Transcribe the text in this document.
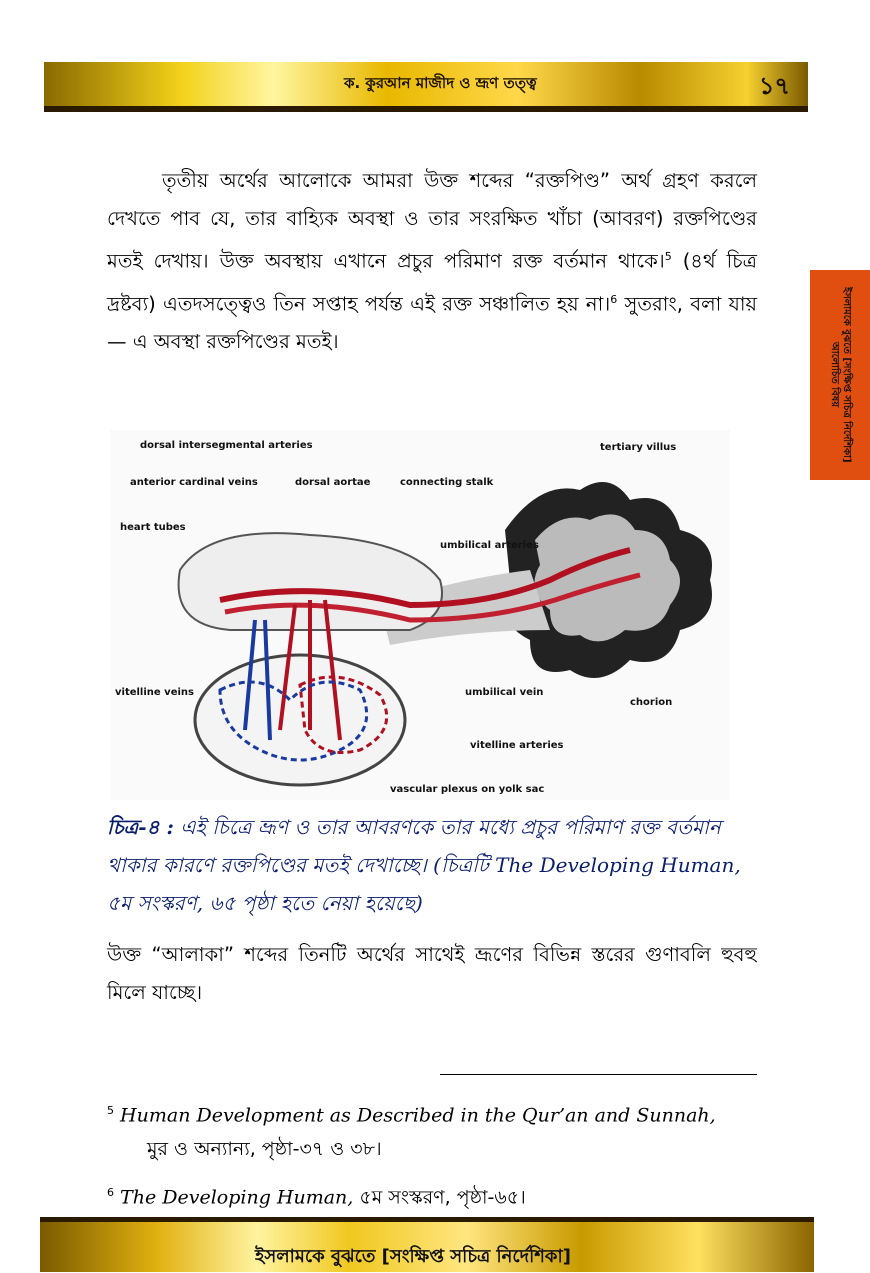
ক. কুরআন মাজীদ ও ভ্রূণ তত্ত্ব	১৭
ইসলামকে বুঝতে [সংক্ষিপ্ত সচিত্র নির্দেশিকা] আলোচিত বিষয়
তৃতীয় অর্থের আলোকে আমরা উক্ত শব্দের “রক্তপিণ্ড” অর্থ গ্রহণ করলে দেখতে পাব যে, তার বাহ্যিক অবস্থা ও তার সংরক্ষিত খাঁচা (আবরণ) রক্তপিণ্ডের মতই দেখায়। উক্ত অবস্থায় এখানে প্রচুর পরিমাণ রক্ত বর্তমান থাকে।$^5$ (৪র্থ চিত্র দ্রষ্টব্য) এতদসত্ত্বেও তিন সপ্তাহ পর্যন্ত এই রক্ত সঞ্চালিত হয় না।$^6$ সুতরাং, বলা যায়— এ অবস্থা রক্তপিণ্ডের মতই।
dorsal intersegmental arteries
anterior cardinal veins	dorsal aortae	connecting stalk
tertiary villus
heart tubes
umbilical arteries
vitelline veins	umbilical vein
chorion
vitelline arteries
vascular plexus on yolk sac
চিত্র-৪ : এই চিত্রে ভ্রূণ ও তার আবরণকে তার মধ্যে প্রচুর পরিমাণ রক্ত বর্তমান থাকার কারণে রক্তপিণ্ডের মতই দেখাচ্ছে। (চিত্রটি The Developing Human, ৫ম সংস্করণ, ৬৫ পৃষ্ঠা হতে নেয়া হয়েছে)
উক্ত “আলাকা” শব্দের তিনটি অর্থের সাথেই ভ্রূণের বিভিন্ন স্তরের গুণাবলি হুবহু মিলে যাচ্ছে।
$^5$ Human Development as Described in the Qur’an and Sunnah,
মুর ও অন্যান্য, পৃষ্ঠা-৩৭ ও ৩৮।
$^6$ The Developing Human, ৫ম সংস্করণ, পৃষ্ঠা-৬৫।
ইসলামকে বুঝতে [সংক্ষিপ্ত সচিত্র নির্দেশিকা]
